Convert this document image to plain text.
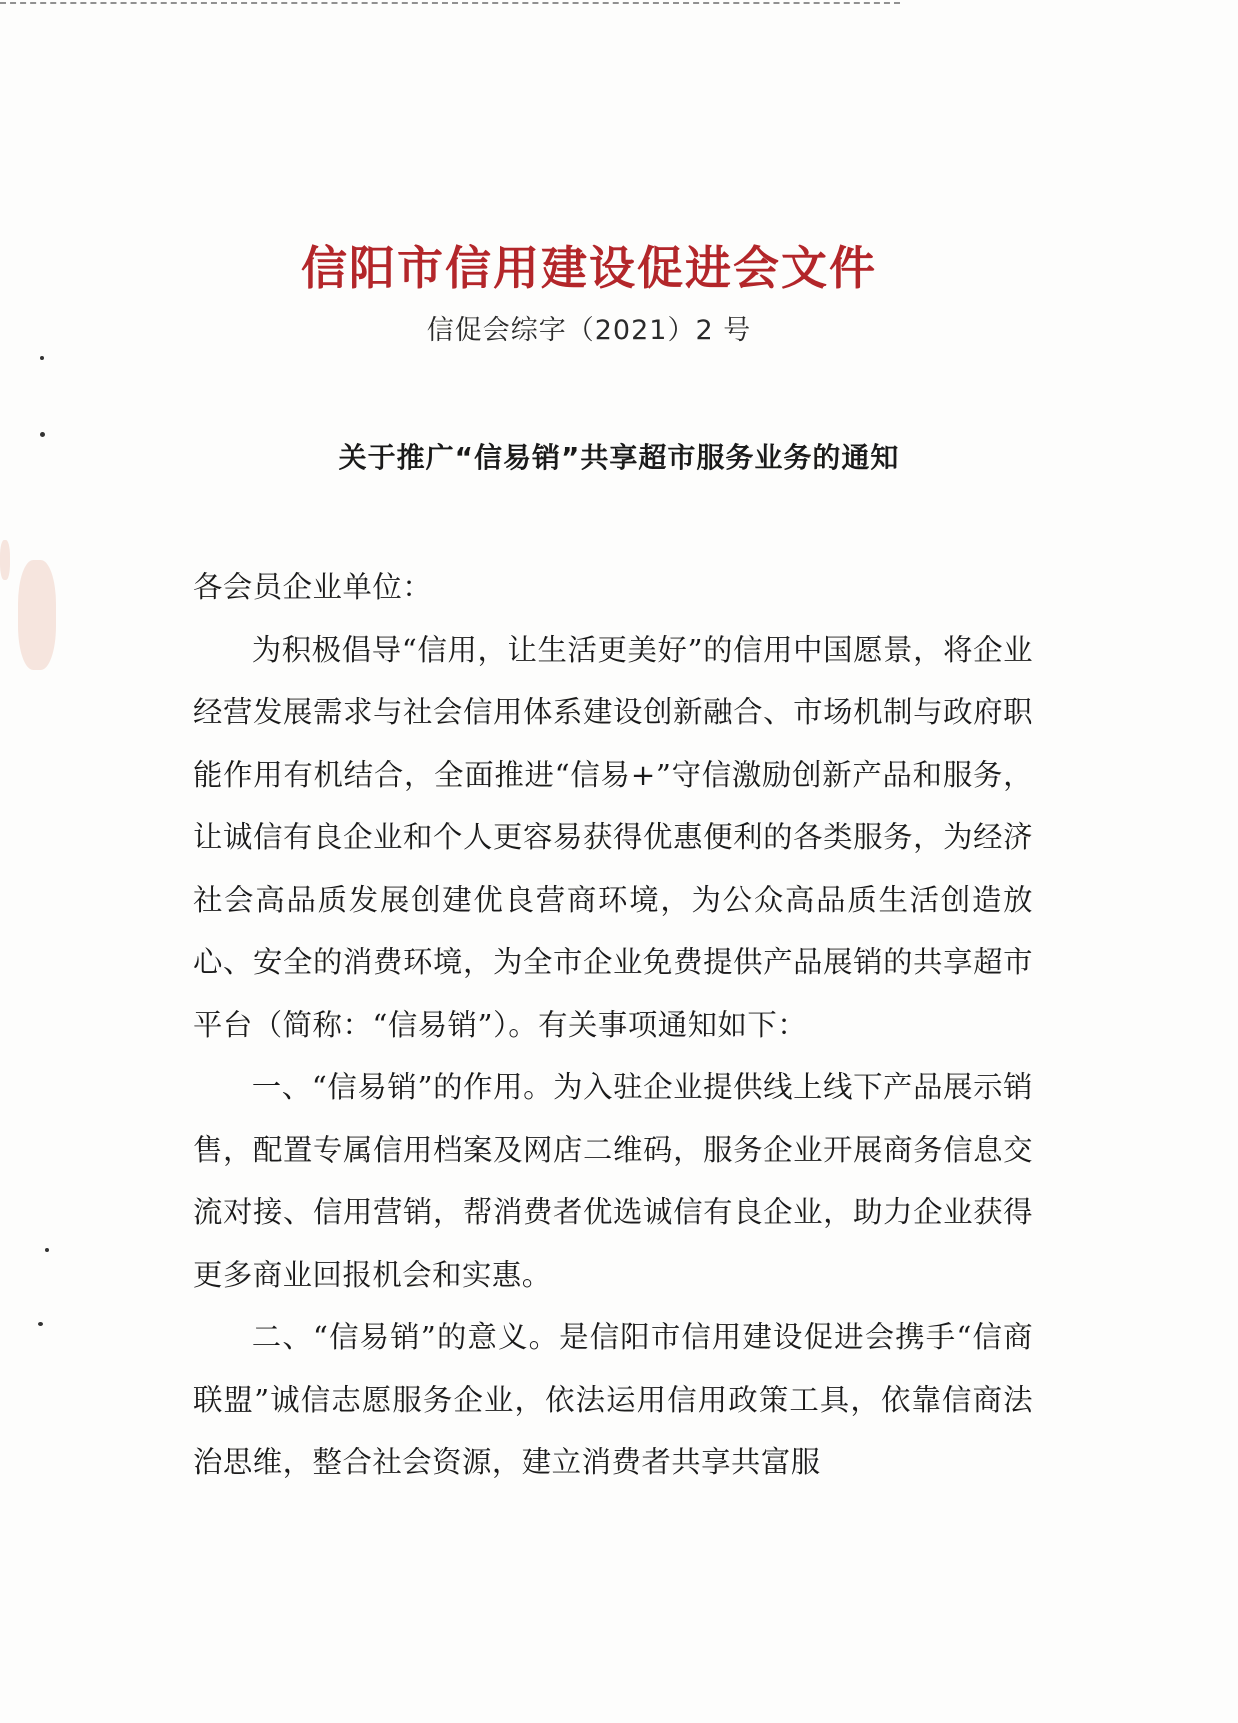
信阳市信用建设促进会文件
信促会综字（2021）2 号
关于推广“信易销”共享超市服务业务的通知

各会员企业单位：

为积极倡导“信用，让生活更美好”的信用中国愿景，将企业经营发展需求与社会信用体系建设创新融合、市场机制与政府职能作用有机结合，全面推进“信易+”守信激励创新产品和服务，让诚信有良企业和个人更容易获得优惠便利的各类服务，为经济社会高品质发展创建优良营商环境，为公众高品质生活创造放心、安全的消费环境，为全市企业免费提供产品展销的共享超市平台（简称：“信易销”）。有关事项通知如下：

一、“信易销”的作用。为入驻企业提供线上线下产品展示销售，配置专属信用档案及网店二维码，服务企业开展商务信息交流对接、信用营销，帮消费者优选诚信有良企业，助力企业获得更多商业回报机会和实惠。

二、“信易销”的意义。是信阳市信用建设促进会携手“信商联盟”诚信志愿服务企业，依法运用信用政策工具，依靠信商法治思维，整合社会资源，建立消费者共享共富服
